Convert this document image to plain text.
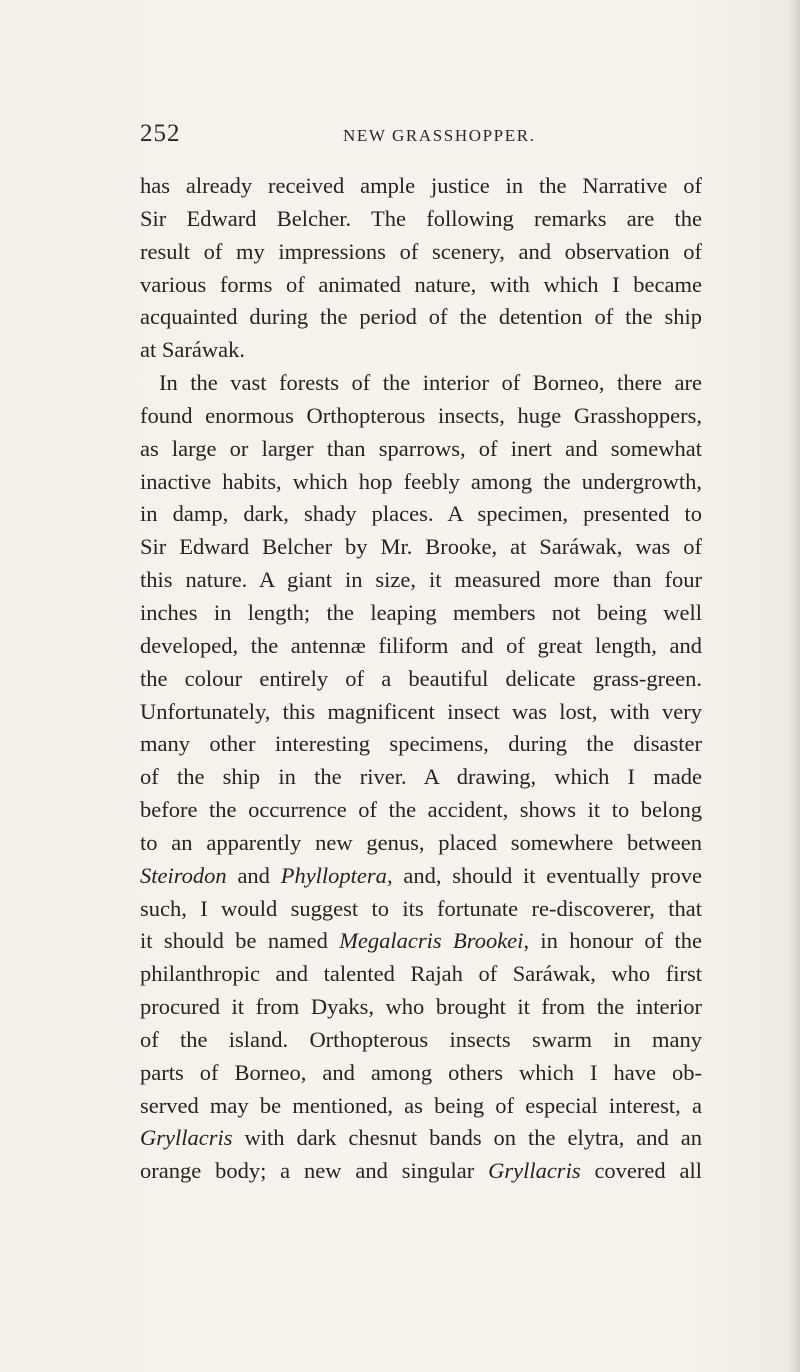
252	NEW GRASSHOPPER.
has already received ample justice in the Narrative of
Sir Edward Belcher. The following remarks are the
result of my impressions of scenery, and observation of
various forms of animated nature, with which I became
acquainted during the period of the detention of the ship
at Saráwak.
In the vast forests of the interior of Borneo, there are
found enormous Orthopterous insects, huge Grasshoppers,
as large or larger than sparrows, of inert and somewhat
inactive habits, which hop feebly among the undergrowth,
in damp, dark, shady places. A specimen, presented to
Sir Edward Belcher by Mr. Brooke, at Saráwak, was of
this nature. A giant in size, it measured more than four
inches in length; the leaping members not being well
developed, the antennæ filiform and of great length, and
the colour entirely of a beautiful delicate grass-green.
Unfortunately, this magnificent insect was lost, with very
many other interesting specimens, during the disaster
of the ship in the river. A drawing, which I made
before the occurrence of the accident, shows it to belong
to an apparently new genus, placed somewhere between
Steirodon and Phylloptera, and, should it eventually prove
such, I would suggest to its fortunate re-discoverer, that
it should be named Megalacris Brookei, in honour of the
philanthropic and talented Rajah of Saráwak, who first
procured it from Dyaks, who brought it from the interior
of the island. Orthopterous insects swarm in many
parts of Borneo, and among others which I have ob-
served may be mentioned, as being of especial interest, a
Gryllacris with dark chesnut bands on the elytra, and an
orange body; a new and singular Gryllacris covered all
